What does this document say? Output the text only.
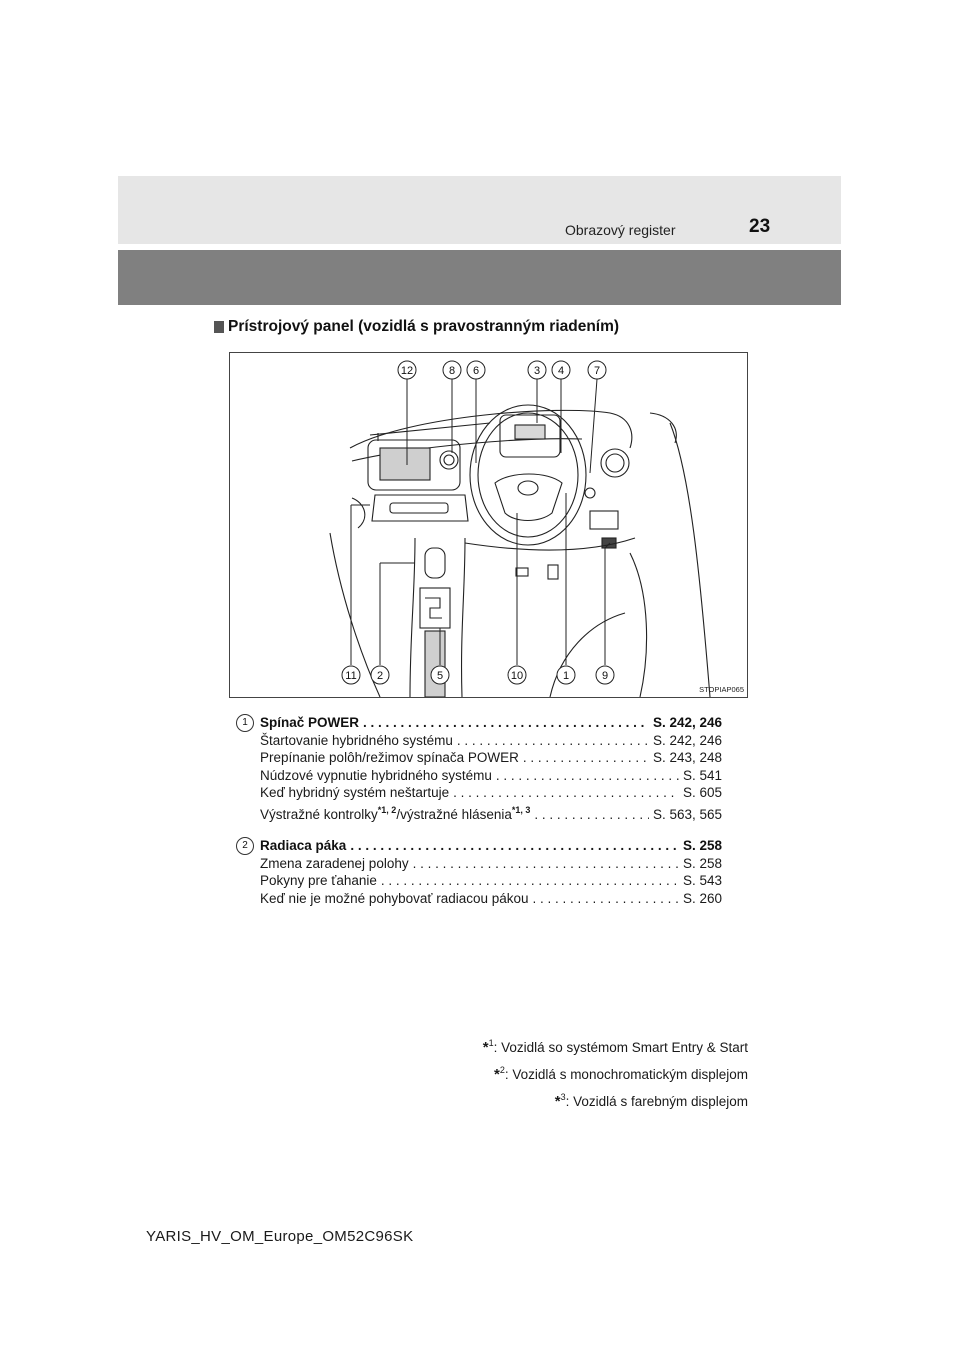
Obrazový register	23
Prístrojový panel (vozidlá s pravostranným riadením)
12	8 6	3 4	7
11 2	5	10	1	9
STOPIAP065
1 Spínač POWER . . .	S. 242, 246
Štartovanie hybridného systému . . .	S. 242, 246
Prepínanie polôh/režimov spínača POWER . . .	S. 243, 248
Núdzové vypnutie hybridného systému . . .	S. 541
Keď hybridný systém neštartuje . . .	S. 605
Výstražné kontrolky$^{*1, 2}$/výstražné hlásenia$^{*1, 3}$ . . .	S. 563, 565
2 Radiaca páka . . .	S. 258
Zmena zaradenej polohy . . .	S. 258
Pokyny pre ťahanie . . .	S. 543
Keď nie je možné pohybovať radiacou pákou . . .	S. 260
*$^1$: Vozidlá so systémom Smart Entry & Start
*$^2$: Vozidlá s monochromatickým displejom
*$^3$: Vozidlá s farebným displejom
YARIS_HV_OM_Europe_OM52C96SK
